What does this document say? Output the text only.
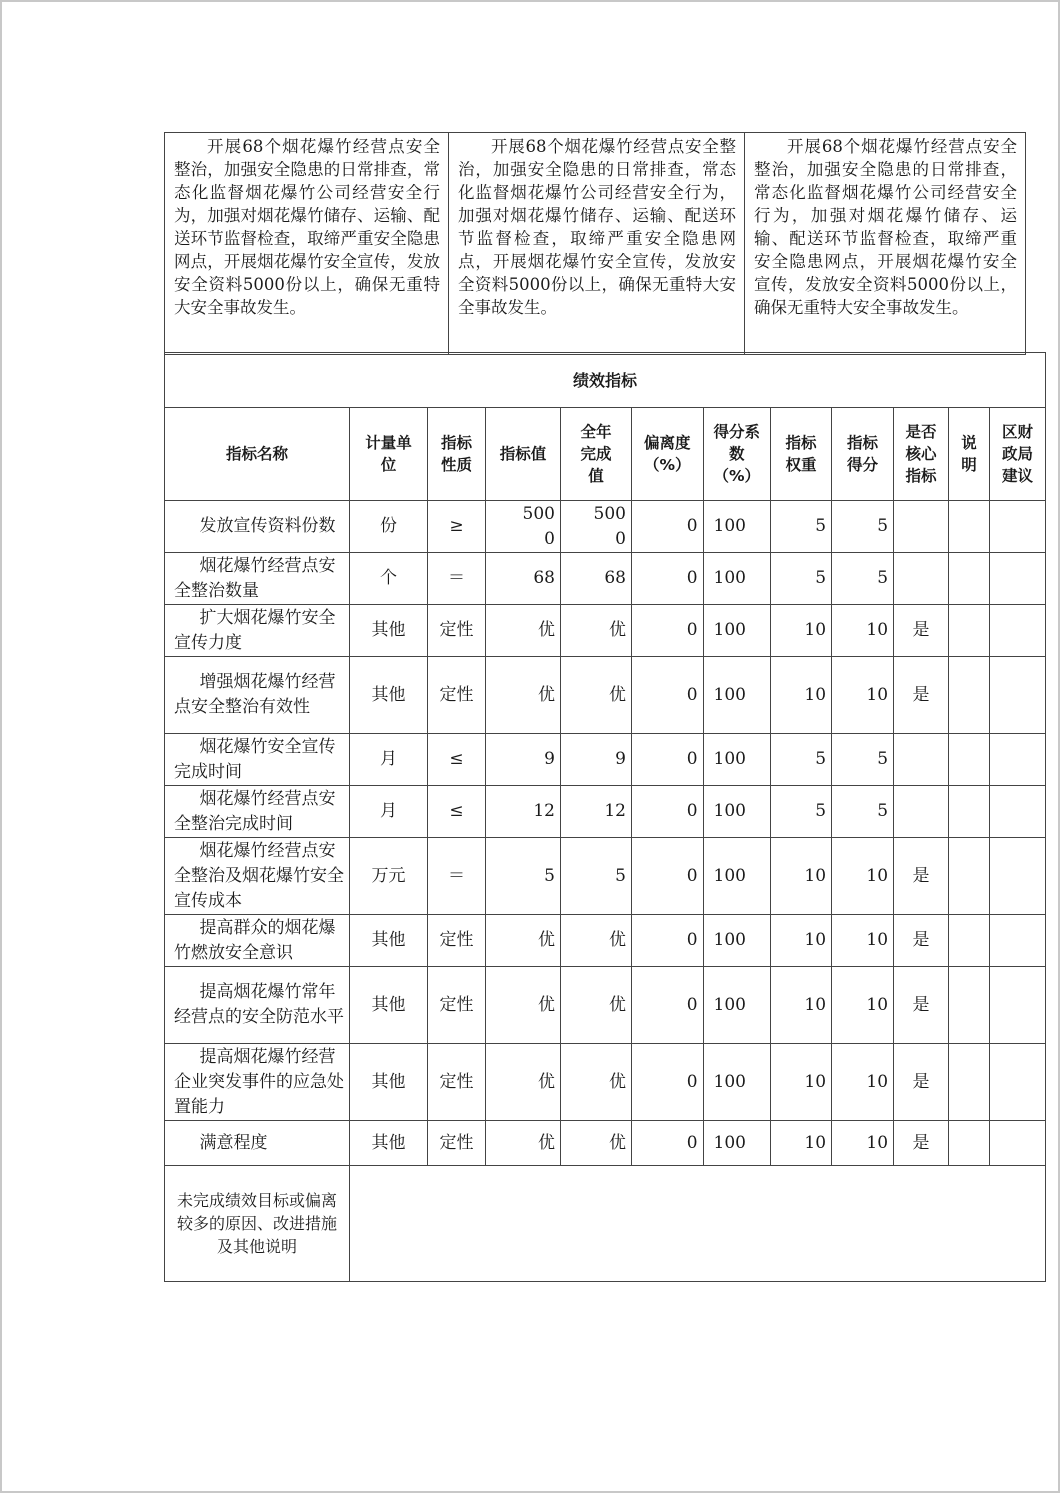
开展68个烟花爆竹经营点安全整治，加强安全隐患的日常排查，常态化监督烟花爆竹公司经营安全行为，加强对烟花爆竹储存、运输、配送环节监督检查，取缔严重安全隐患网点，开展烟花爆竹安全宣传，发放安全资料5000份以上，确保无重特大安全事故发生。	开展68个烟花爆竹经营点安全整治，加强安全隐患的日常排查，常态化监督烟花爆竹公司经营安全行为，加强对烟花爆竹储存、运输、配送环节监督检查，取缔严重安全隐患网点，开展烟花爆竹安全宣传，发放安全资料5000份以上，确保无重特大安全事故发生。	开展68个烟花爆竹经营点安全整治，加强安全隐患的日常排查，常态化监督烟花爆竹公司经营安全行为，加强对烟花爆竹储存、运输、配送环节监督检查，取缔严重安全隐患网点，开展烟花爆竹安全宣传，发放安全资料5000份以上，确保无重特大安全事故发生。
绩效指标											
指标名称	计量单位	指标性质	指标值	全年完成值	偏离度（%）	得分系数（%）	指标权重	指标得分	是否核心指标	说明	区财政局建议
发放宣传资料份数	份	≥	5000	5000	0	100	5	5			
烟花爆竹经营点安全整治数量	个	＝	68	68	0	100	5	5			
扩大烟花爆竹安全宣传力度	其他	定性	优	优	0	100	10	10	是		
增强烟花爆竹经营点安全整治有效性	其他	定性	优	优	0	100	10	10	是		
烟花爆竹安全宣传完成时间	月	≤	9	9	0	100	5	5			
烟花爆竹经营点安全整治完成时间	月	≤	12	12	0	100	5	5			
烟花爆竹经营点安全整治及烟花爆竹安全宣传成本	万元	＝	5	5	0	100	10	10	是		
提高群众的烟花爆竹燃放安全意识	其他	定性	优	优	0	100	10	10	是		
提高烟花爆竹常年经营点的安全防范水平	其他	定性	优	优	0	100	10	10	是		
提高烟花爆竹经营企业突发事件的应急处置能力	其他	定性	优	优	0	100	10	10	是		
满意程度	其他	定性	优	优	0	100	10	10	是		
未完成绩效目标或偏离较多的原因、改进措施及其他说明											
